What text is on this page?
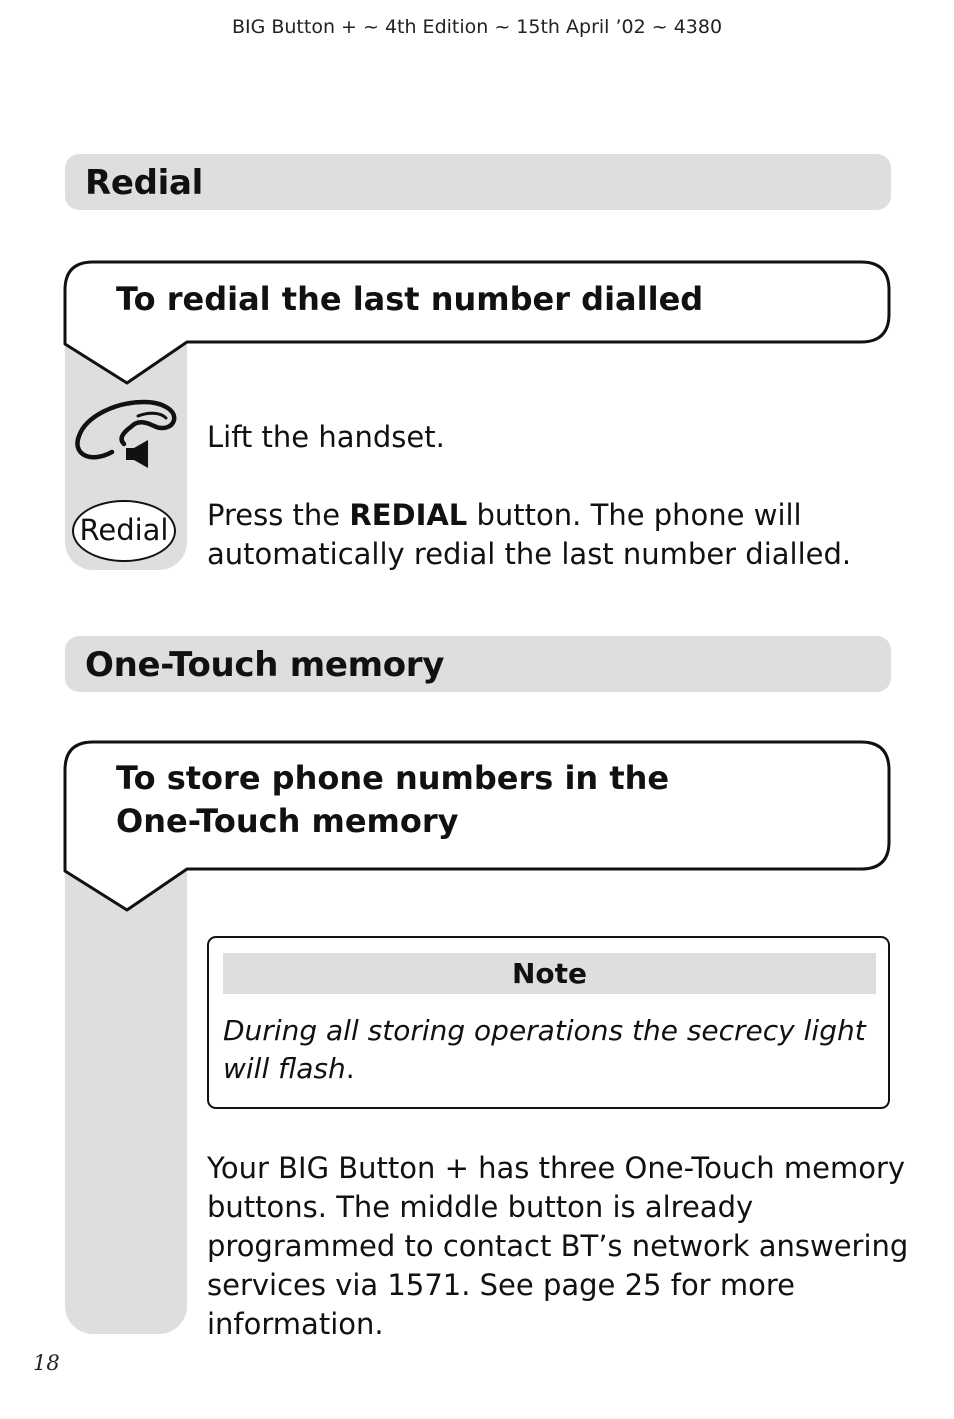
BIG Button + ~ 4th Edition ~ 15th April ’02 ~ 4380
Redial
To redial the last number dialled
Lift the handset.
Redial Press the REDIAL button. The phone will
automatically redial the last number dialled.
One-Touch memory
To store phone numbers in the
One-Touch memory
Note
During all storing operations the secrecy light
will flash.
Your BIG Button + has three One-Touch memory
buttons. The middle button is already
programmed to contact BT’s network answering
services via 1571. See page 25 for more
information.
18
